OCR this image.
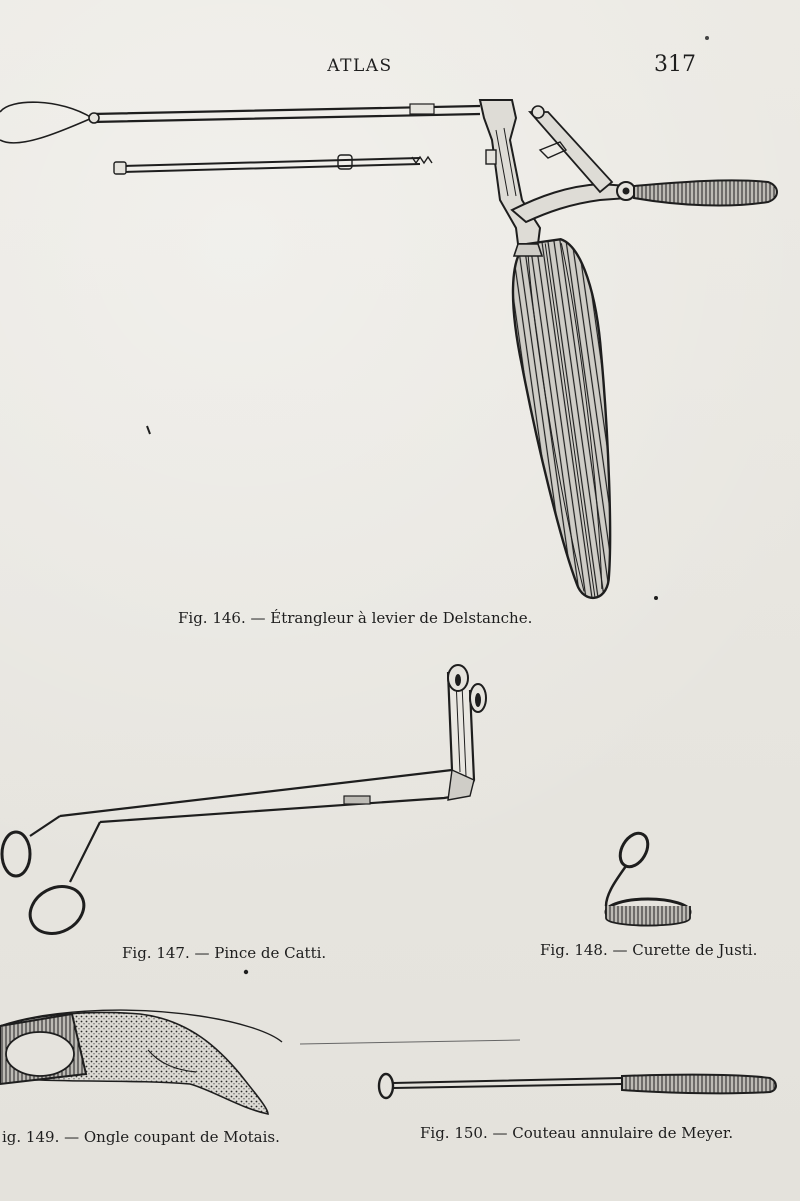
ATLAS	317
Fig. 146. — Étrangleur à levier de Delstanche.
Fig. 147. — Pince de Catti.	Fig. 148. — Curette de Justi.
ig. 149. — Ongle coupant de Motais.	Fig. 150. — Couteau annulaire de Meyer.
